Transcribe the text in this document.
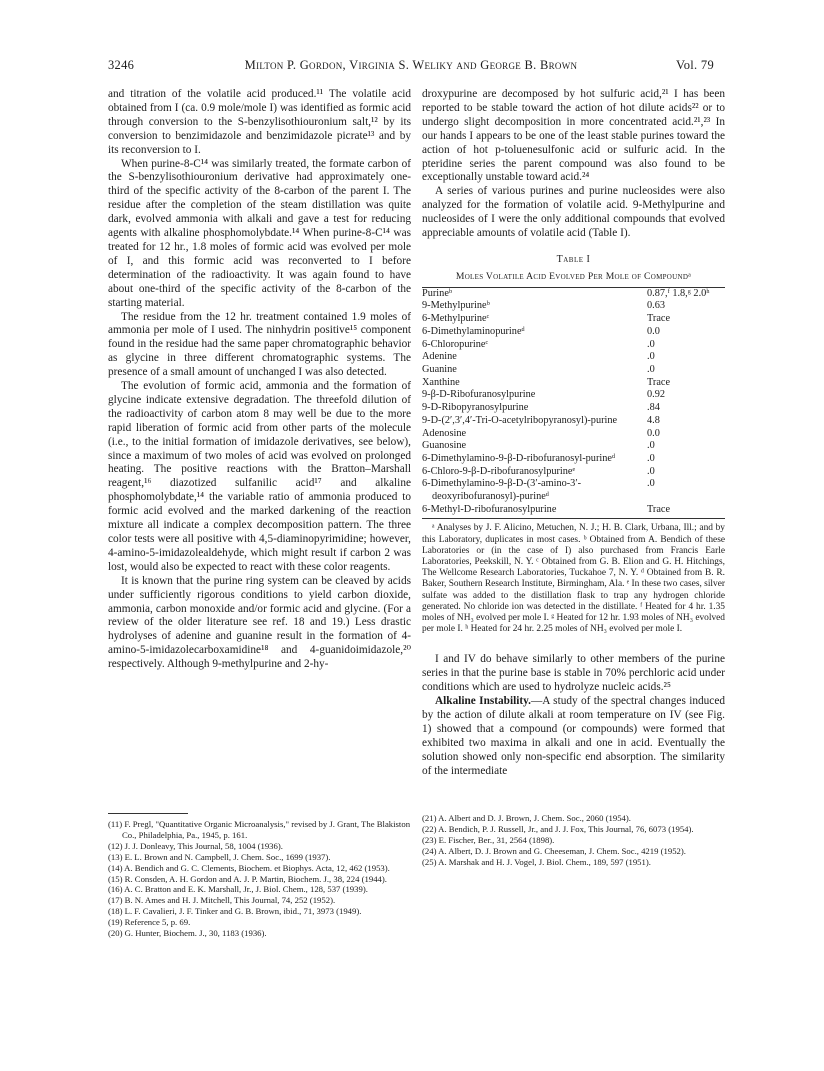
3246	Milton P. Gordon, Virginia S. Weliky and George B. Brown	Vol. 79

and titration of the volatile acid produced.¹¹ The volatile acid obtained from I (ca. 0.9 mole/mole I) was identified as formic acid through conversion to the S-benzylisothiouronium salt,¹² by its conversion to benzimidazole and benzimidazole picrate¹³ and by its reconversion to I.

When purine-8-C¹⁴ was similarly treated, the formate carbon of the S-benzylisothiouronium derivative had approximately one-third of the specific activity of the 8-carbon of the parent I. The residue after the completion of the steam distillation was quite dark, evolved ammonia with alkali and gave a test for reducing agents with alkaline phosphomolybdate.¹⁴ When purine-8-C¹⁴ was treated for 12 hr., 1.8 moles of formic acid was evolved per mole of I, and this formic acid was reconverted to I before determination of the radioactivity. It was again found to have about one-third of the specific activity of the 8-carbon of the starting material.

The residue from the 12 hr. treatment contained 1.9 moles of ammonia per mole of I used. The ninhydrin positive¹⁵ component found in the residue had the same paper chromatographic behavior as glycine in three different chromatographic systems. The presence of a small amount of unchanged I was also detected.

The evolution of formic acid, ammonia and the formation of glycine indicate extensive degradation. The threefold dilution of the radioactivity of carbon atom 8 may well be due to the more rapid liberation of formic acid from other parts of the molecule (i.e., to the initial formation of imidazole derivatives, see below), since a maximum of two moles of acid was evolved on prolonged heating. The positive reactions with the Bratton–Marshall reagent,¹⁶ diazotized sulfanilic acid¹⁷ and alkaline phosphomolybdate,¹⁴ the variable ratio of ammonia produced to formic acid evolved and the marked darkening of the reaction mixture all indicate a complex decomposition pattern. The three color tests were all positive with 4,5-diaminopyrimidine; however, 4-amino-5-imidazolealdehyde, which might result if carbon 2 was lost, would also be expected to react with these color reagents.

It is known that the purine ring system can be cleaved by acids under sufficiently rigorous conditions to yield carbon dioxide, ammonia, carbon monoxide and/or formic acid and glycine. (For a review of the older literature see ref. 18 and 19.) Less drastic hydrolyses of adenine and guanine result in the formation of 4-amino-5-imidazolecarboxamidine¹⁸ and 4-guanidoimidazole,²⁰ respectively. Although 9-methylpurine and 2-hy-

droxypurine are decomposed by hot sulfuric acid,²¹ I has been reported to be stable toward the action of hot dilute acids²² or to undergo slight decomposition in more concentrated acid.²¹,²³ In our hands I appears to be one of the least stable purines toward the action of hot p-toluenesulfonic acid or sulfuric acid. In the pteridine series the parent compound was also found to be exceptionally unstable toward acid.²⁴

A series of various purines and purine nucleosides were also analyzed for the formation of volatile acid. 9-Methylpurine and nucleosides of I were the only additional compounds that evolved appreciable amounts of volatile acid (Table I).

Table I
Moles Volatile Acid Evolved Per Mole of Compoundᵃ
Purineᵇ	0.87,ᶠ 1.8,ᵍ 2.0ʰ
9-Methylpurineᵇ	0.63
6-Methylpurineᶜ	Trace
6-Dimethylaminopurineᵈ	0.0
6-Chloropurineᶜ	.0
Adenine	.0
Guanine	.0
Xanthine	Trace
9-β-D-Ribofuranosylpurine	0.92
9-D-Ribopyranosylpurine	.84
9-D-(2′,3′,4′-Tri-O-acetylribopyranosyl)-purine	4.8
Adenosine	0.0
Guanosine	.0
6-Dimethylamino-9-β-D-ribofuranosyl-purineᵈ	.0
6-Chloro-9-β-D-ribofuranosylpurineᵉ	.0
6-Dimethylamino-9-β-D-(3′-amino-3′-deoxyribofuranosyl)-purineᵈ	.0
6-Methyl-D-ribofuranosylpurine	Trace
ᵃ Analyses by J. F. Alicino, Metuchen, N. J.; H. B. Clark, Urbana, Ill.; and by this Laboratory, duplicates in most cases. ᵇ Obtained from A. Bendich of these Laboratories or (in the case of I) also purchased from Francis Earle Laboratories, Peekskill, N. Y. ᶜ Obtained from G. B. Elion and G. H. Hitchings, The Wellcome Research Laboratories, Tuckahoe 7, N. Y. ᵈ Obtained from B. R. Baker, Southern Research Institute, Birmingham, Ala. ᵉ In these two cases, silver sulfate was added to the distillation flask to trap any hydrogen chloride generated. No chloride ion was detected in the distillate. ᶠ Heated for 4 hr. 1.35 moles of NH₃ evolved per mole I. ᵍ Heated for 12 hr. 1.93 moles of NH₃ evolved per mole I. ʰ Heated for 24 hr. 2.25 moles of NH₃ evolved per mole I.

I and IV do behave similarly to other members of the purine series in that the purine base is stable in 70% perchloric acid under conditions which are used to hydrolyze nucleic acids.²⁵

Alkaline Instability.—A study of the spectral changes induced by the action of dilute alkali at room temperature on IV (see Fig. 1) showed that a compound (or compounds) were formed that exhibited two maxima in alkali and one in acid. Eventually the solution showed only non-specific end absorption. The similarity of the intermediate

(11) F. Pregl, "Quantitative Organic Microanalysis," revised by J. Grant, The Blakiston Co., Philadelphia, Pa., 1945, p. 161.
(12) J. J. Donleavy, This Journal, 58, 1004 (1936).
(13) E. L. Brown and N. Campbell, J. Chem. Soc., 1699 (1937).
(14) A. Bendich and G. C. Clements, Biochem. et Biophys. Acta, 12, 462 (1953).
(15) R. Consden, A. H. Gordon and A. J. P. Martin, Biochem. J., 38, 224 (1944).
(16) A. C. Bratton and E. K. Marshall, Jr., J. Biol. Chem., 128, 537 (1939).
(17) B. N. Ames and H. J. Mitchell, This Journal, 74, 252 (1952).
(18) L. F. Cavalieri, J. F. Tinker and G. B. Brown, ibid., 71, 3973 (1949).
(19) Reference 5, p. 69.
(20) G. Hunter, Biochem. J., 30, 1183 (1936).
(21) A. Albert and D. J. Brown, J. Chem. Soc., 2060 (1954).
(22) A. Bendich, P. J. Russell, Jr., and J. J. Fox, This Journal, 76, 6073 (1954).
(23) E. Fischer, Ber., 31, 2564 (1898).
(24) A. Albert, D. J. Brown and G. Cheeseman, J. Chem. Soc., 4219 (1952).
(25) A. Marshak and H. J. Vogel, J. Biol. Chem., 189, 597 (1951).
